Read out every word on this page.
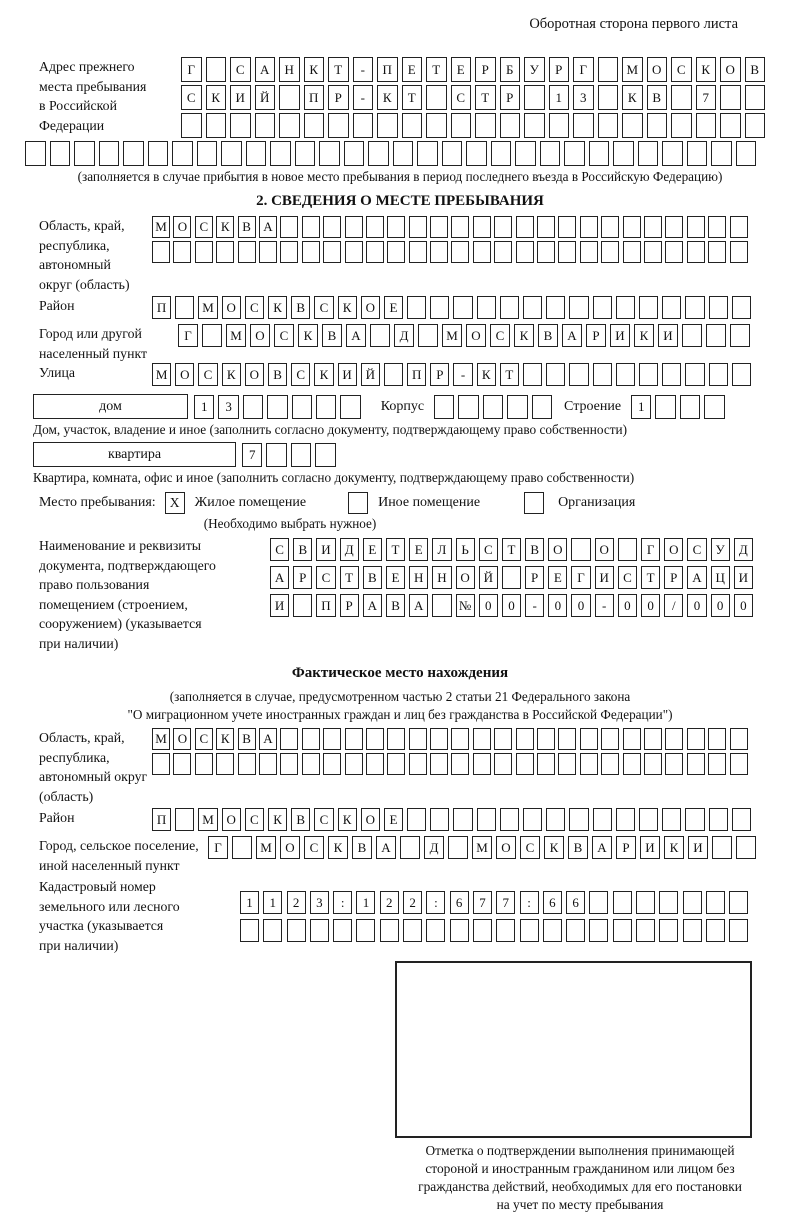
Оборотная сторона первого листа
Адрес прежнего
места пребывания
в Российской
Федерации
Г	С	А	Н	К	Т	-	П	Е	Т	Е	Р	Б	У	Р	Г	М	О	С	К	О	В
С	К	И	Й	П	Р	-	К	Т	С	Т	Р	1	3	К	В	7
(заполняется в случае прибытия в новое место пребывания в период последнего въезда в Российскую Федерацию)
2. СВЕДЕНИЯ О МЕСТЕ ПРЕБЫВАНИЯ
Область, край,
республика,
автономный
округ (область)
М О С К В А
Район	П	М О	С	К	В	С	К	О	Е
Город или другой
населенный пункт
Г	М	О	С	К	В	А	Д	М	О	С	К	В	А	Р	И	К	И
Улица	М О	С	К	О	В	С	К	И	Й	П	Р	-	К	Т
дом	1	3	Корпус	Строение	1
Дом, участок, владение и иное (заполнить согласно документу, подтверждающему право собственности)
квартира	7
Квартира, комната, офис и иное (заполнить согласно документу, подтверждающему право собственности)
Место пребывания:	X	Жилое помещение	Иное помещение	Организация
(Необходимо выбрать нужное)
Наименование и реквизиты
документа, подтверждающего
право пользования
помещением (строением,
сооружением) (указывается
при наличии)
С	В	И	Д	Е	Т	Е	Л	Ь	С	Т	В	О	О	Г	О	С	У	Д
А	Р	С	Т	В	Е	Н	Н	О	Й	Р	Е	Г	И	С	Т	Р	А	Ц	И
И	П	Р	А	В	А	№	0	0	-	0	0	-	0	0	/	0	0	0
Фактическое место нахождения
(заполняется в случае, предусмотренном частью 2 статьи 21 Федерального закона
"О миграционном учете иностранных граждан и лиц без гражданства в Российской Федерации")
Область, край,
республика,
автономный округ
(область)
М О С К В А
Район	П	М О	С	К	В	С	К	О	Е
Город, сельское поселение,
иной населенный пункт
Г	М	О	С	К	В	А	Д	М	О	С	К	В	А	Р	И	К	И
Кадастровый номер
земельного или лесного
участка (указывается
при наличии)
1	1	2	3	:	1	2	2	:	6	7	7	:	6	6
Отметка о подтверждении выполнения принимающей
стороной и иностранным гражданином или лицом без
гражданства действий, необходимых для его постановки
на учет по месту пребывания
